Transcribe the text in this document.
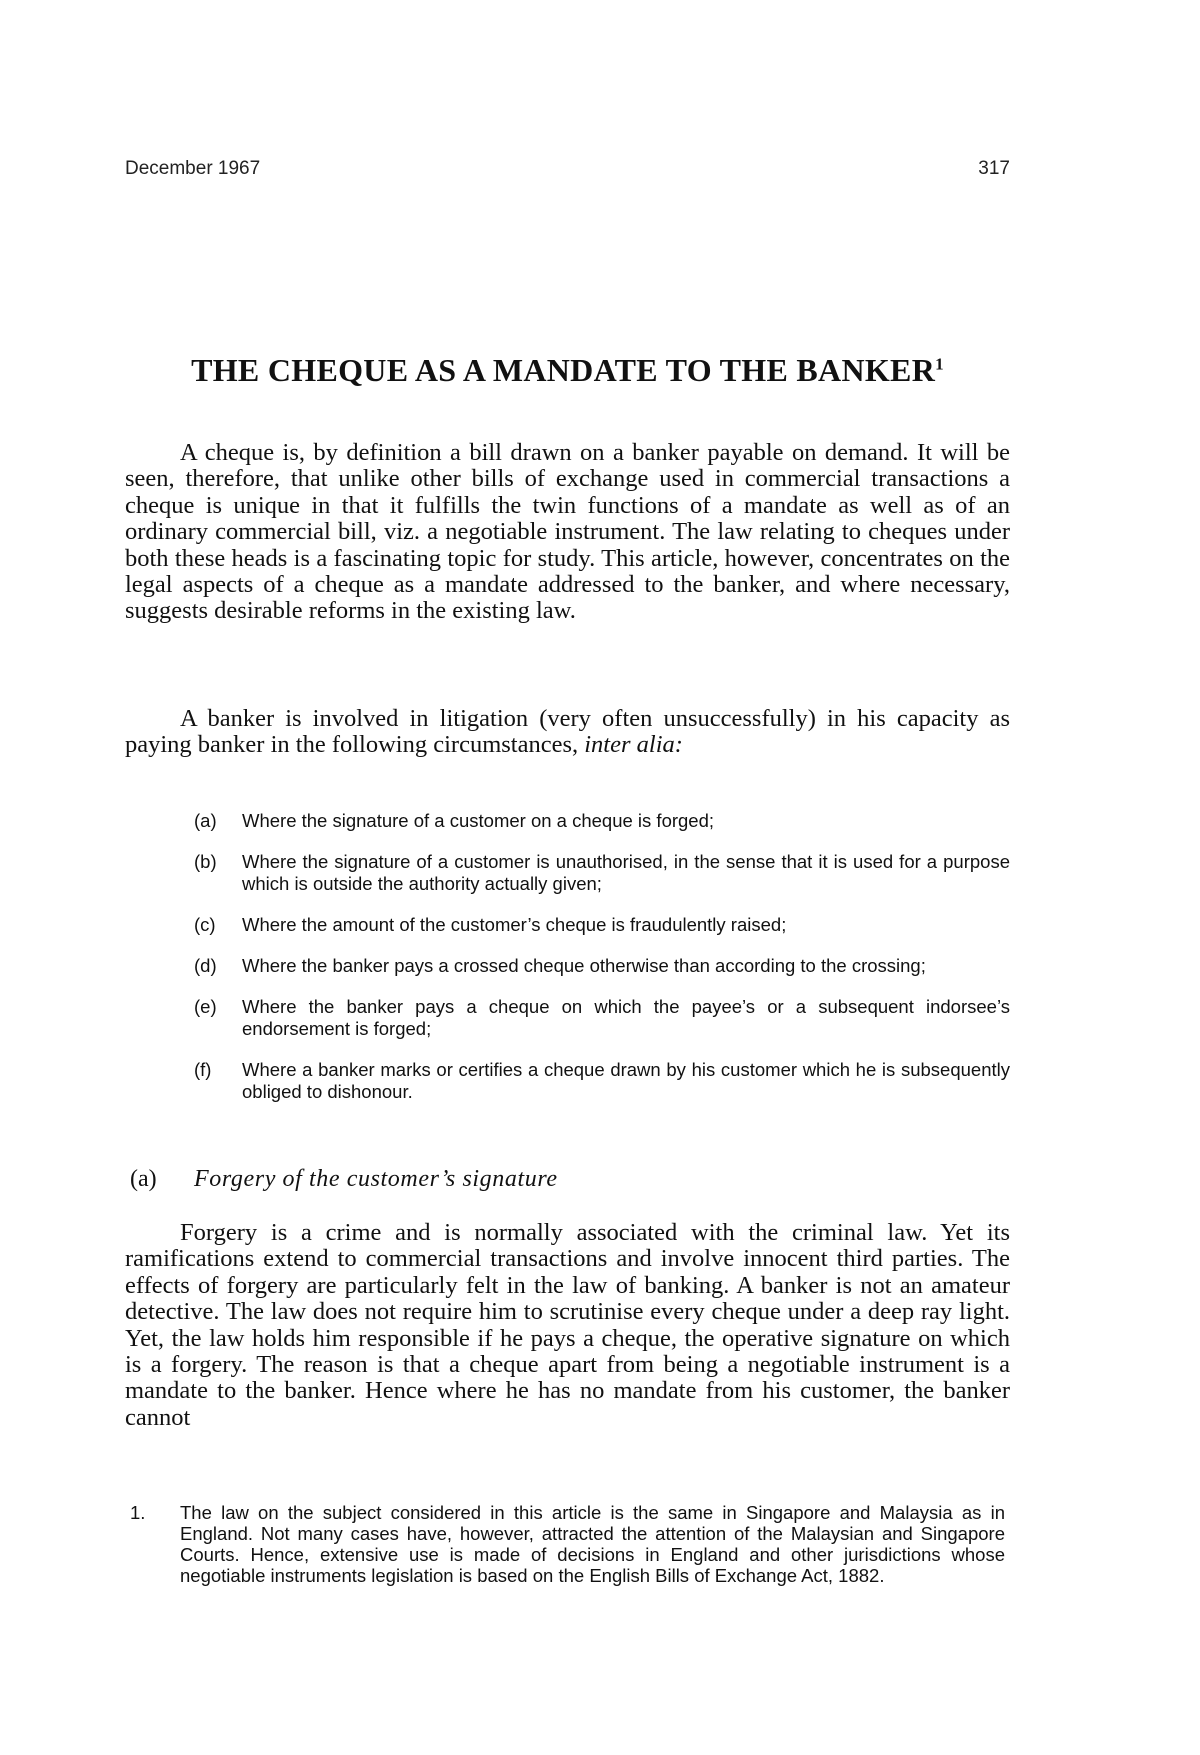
December 1967	317
THE CHEQUE AS A MANDATE TO THE BANKER$^1$

A cheque is, by definition a bill drawn on a banker payable on demand. It will be seen, therefore, that unlike other bills of exchange used in commercial transactions a cheque is unique in that it fulfills the twin functions of a mandate as well as of an ordinary commercial bill, viz. a negotiable instrument. The law relating to cheques under both these heads is a fascinating topic for study. This article, however, concentrates on the legal aspects of a cheque as a mandate addressed to the banker, and where necessary, suggests desirable reforms in the existing law.

A banker is involved in litigation (very often unsuccessfully) in his capacity as paying banker in the following circumstances, inter alia:

(a) Where the signature of a customer on a cheque is forged;
(b) Where the signature of a customer is unauthorised, in the sense that it is used for a purpose which is outside the authority actually given;
(c) Where the amount of the customer’s cheque is fraudulently raised;
(d) Where the banker pays a crossed cheque otherwise than according to the crossing;
(e) Where the banker pays a cheque on which the payee’s or a subsequent indorsee’s endorsement is forged;
(f) Where a banker marks or certifies a cheque drawn by his customer which he is subsequently obliged to dishonour.
(a) Forgery of the customer’s signature

Forgery is a crime and is normally associated with the criminal law. Yet its ramifications extend to commercial transactions and involve innocent third parties. The effects of forgery are particularly felt in the law of banking. A banker is not an amateur detective. The law does not require him to scrutinise every cheque under a deep ray light. Yet, the law holds him responsible if he pays a cheque, the operative signature on which is a forgery. The reason is that a cheque apart from being a negotiable instrument is a mandate to the banker. Hence where he has no mandate from his customer, the banker cannot

1. The law on the subject considered in this article is the same in Singapore and Malaysia as in England. Not many cases have, however, attracted the attention of the Malaysian and Singapore Courts. Hence, extensive use is made of decisions in England and other jurisdictions whose negotiable instruments legislation is based on the English Bills of Exchange Act, 1882.
